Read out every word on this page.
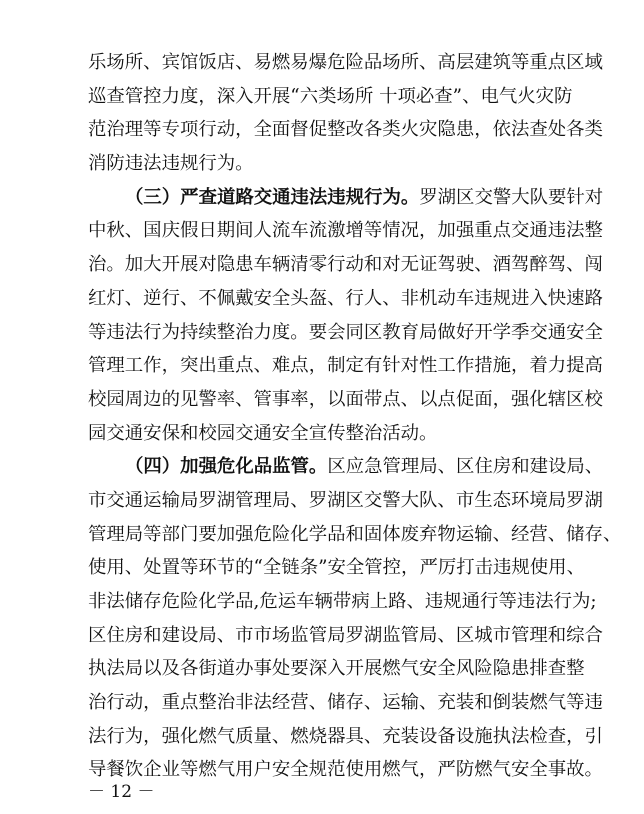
乐场所、宾馆饭店、易燃易爆危险品场所、高层建筑等重点区域
巡查管控力度，深入开展“六类场所 十项必查”、电气火灾防
范治理等专项行动，全面督促整改各类火灾隐患，依法查处各类
消防违法违规行为。
（三）严查道路交通违法违规行为。罗湖区交警大队要针对
中秋、国庆假日期间人流车流激增等情况，加强重点交通违法整
治。加大开展对隐患车辆清零行动和对无证驾驶、酒驾醉驾、闯
红灯、逆行、不佩戴安全头盔、行人、非机动车违规进入快速路
等违法行为持续整治力度。要会同区教育局做好开学季交通安全
管理工作，突出重点、难点，制定有针对性工作措施，着力提高
校园周边的见警率、管事率，以面带点、以点促面，强化辖区校
园交通安保和校园交通安全宣传整治活动。
（四）加强危化品监管。区应急管理局、区住房和建设局、
市交通运输局罗湖管理局、罗湖区交警大队、市生态环境局罗湖
管理局等部门要加强危险化学品和固体废弃物运输、经营、储存、
使用、处置等环节的“全链条”安全管控，严厉打击违规使用、
非法储存危险化学品,危运车辆带病上路、违规通行等违法行为;
区住房和建设局、市市场监管局罗湖监管局、区城市管理和综合
执法局以及各街道办事处要深入开展燃气安全风险隐患排查整
治行动，重点整治非法经营、储存、运输、充装和倒装燃气等违
法行为，强化燃气质量、燃烧器具、充装设备设施执法检查，引
导餐饮企业等燃气用户安全规范使用燃气，严防燃气安全事故。
－ 12 －
